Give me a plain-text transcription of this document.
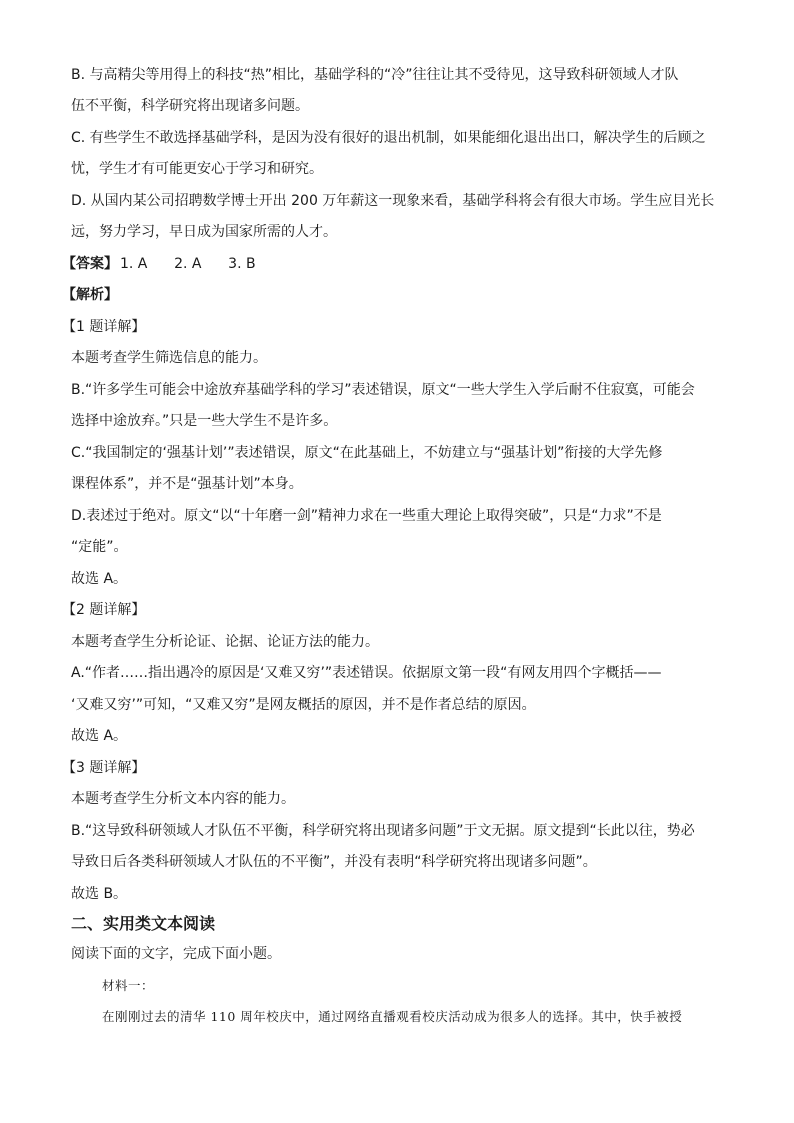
B. 与高精尖等用得上的科技“热”相比，基础学科的“冷”往往让其不受待见，这导致科研领域人才队
伍不平衡，科学研究将出现诸多问题。
C. 有些学生不敢选择基础学科，是因为没有很好的退出机制，如果能细化退出出口，解决学生的后顾之
忧，学生才有可能更安心于学习和研究。
D. 从国内某公司招聘数学博士开出 200 万年薪这一现象来看，基础学科将会有很大市场。学生应目光长
远，努力学习，早日成为国家所需的人才。
【答案】 1. A      2. A      3. B
【解析】
【1 题详解】
本题考查学生筛选信息的能力。
B.“许多学生可能会中途放弃基础学科的学习”表述错误，原文“一些大学生入学后耐不住寂寞，可能会
选择中途放弃。”只是一些大学生不是许多。
C.“我国制定的‘强基计划’”表述错误，原文“在此基础上，不妨建立与“强基计划”衔接的大学先修
课程体系”，并不是“强基计划”本身。
D.表述过于绝对。原文“以“十年磨一剑”精神力求在一些重大理论上取得突破”，只是“力求”不是
“定能”。
故选 A。
【2 题详解】
本题考查学生分析论证、论据、论证方法的能力。
A.“作者……指出遇冷的原因是‘又难又穷’”表述错误。依据原文第一段“有网友用四个字概括——
‘又难又穷’”可知，“又难又穷”是网友概括的原因，并不是作者总结的原因。
故选 A。
【3 题详解】
本题考查学生分析文本内容的能力。
B.“这导致科研领域人才队伍不平衡，科学研究将出现诸多问题”于文无据。原文提到“长此以往，势必
导致日后各类科研领域人才队伍的不平衡”，并没有表明“科学研究将出现诸多问题”。
故选 B。
二、实用类文本阅读
阅读下面的文字，完成下面小题。
材料一：
在刚刚过去的清华 110 周年校庆中，通过网络直播观看校庆活动成为很多人的选择。其中，快手被授
